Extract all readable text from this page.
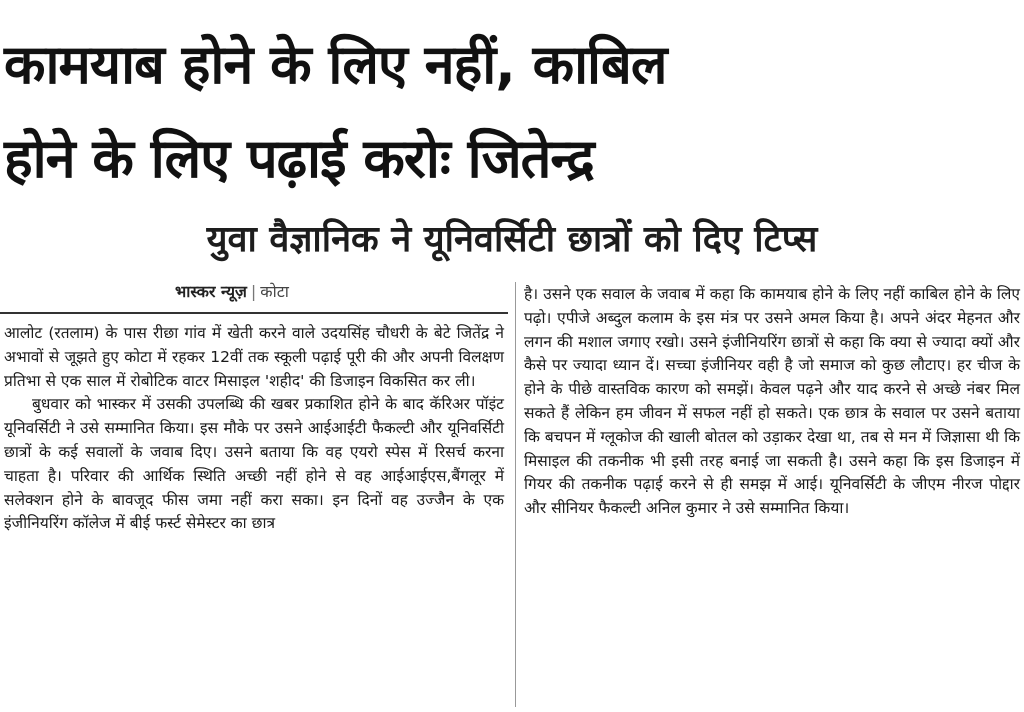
कामयाब होने के लिए नहीं, काबिल
होने के लिए पढ़ाई करोः जितेन्द्र
युवा वैज्ञानिक ने यूनिवर्सिटी छात्रों को दिए टिप्स
भास्कर न्यूज़ | कोटा

आलोट (रतलाम) के पास रीछा गांव में खेती करने वाले उदयसिंह चौधरी के बेटे जितेंद्र ने अभावों से जूझते हुए कोटा में रहकर 12वीं तक स्कूली पढ़ाई पूरी की और अपनी विलक्षण प्रतिभा से एक साल में रोबोटिक वाटर मिसाइल 'शहीद' की डिजाइन विकसित कर ली।

बुधवार को भास्कर में उसकी उपलब्धि की खबर प्रकाशित होने के बाद कॅरिअर पॉइंट यूनिवर्सिटी ने उसे सम्मानित किया। इस मौके पर उसने आईआईटी फैकल्टी और यूनिवर्सिटी छात्रों के कई सवालों के जवाब दिए। उसने बताया कि वह एयरो स्पेस में रिसर्च करना चाहता है। परिवार की आर्थिक स्थिति अच्छी नहीं होने से वह आईआईएस,बैंगलूर में सलेक्शन होने के बावजूद फीस जमा नहीं करा सका। इन दिनों वह उज्जैन के एक इंजीनियरिंग कॉलेज में बीई फर्स्ट सेमेस्टर का छात्र

है। उसने एक सवाल के जवाब में कहा कि कामयाब होने के लिए नहीं काबिल होने के लिए पढ़ो। एपीजे अब्दुल कलाम के इस मंत्र पर उसने अमल किया है। अपने अंदर मेहनत और लगन की मशाल जगाए रखो। उसने इंजीनियरिंग छात्रों से कहा कि क्या से ज्यादा क्यों और कैसे पर ज्यादा ध्यान दें। सच्चा इंजीनियर वही है जो समाज को कुछ लौटाए। हर चीज के होने के पीछे वास्तविक कारण को समझें। केवल पढ़ने और याद करने से अच्छे नंबर मिल सकते हैं लेकिन हम जीवन में सफल नहीं हो सकते। एक छात्र के सवाल पर उसने बताया कि बचपन में ग्लूकोज की खाली बोतल को उड़ाकर देखा था, तब से मन में जिज्ञासा थी कि मिसाइल की तकनीक भी इसी तरह बनाई जा सकती है। उसने कहा कि इस डिजाइन में गियर की तकनीक पढ़ाई करने से ही समझ में आई। यूनिवर्सिटी के जीएम नीरज पोद्दार और सीनियर फैकल्टी अनिल कुमार ने उसे सम्मानित किया।
